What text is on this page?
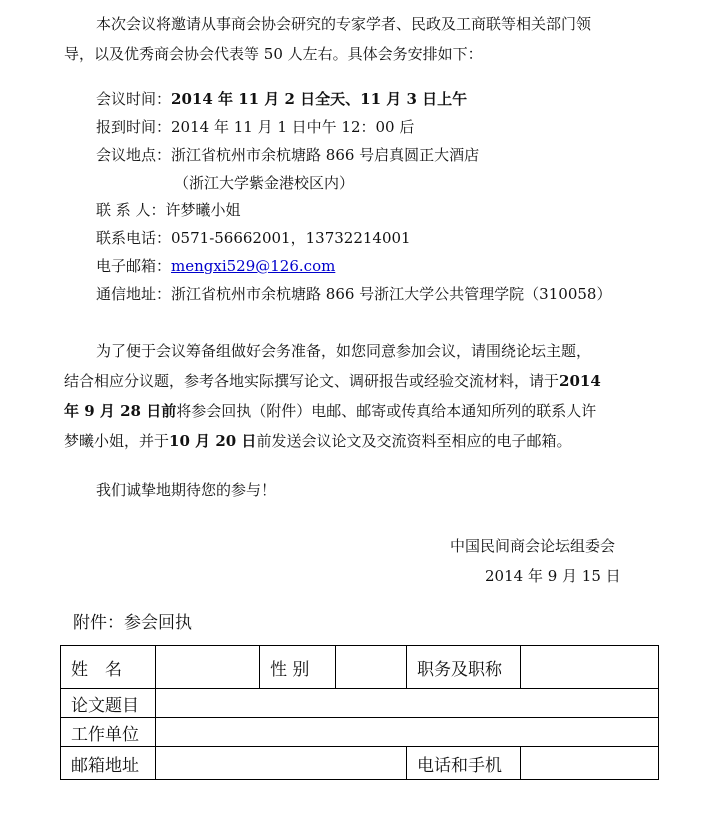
本次会议将邀请从事商会协会研究的专家学者、民政及工商联等相关部门领
导，以及优秀商会协会代表等 50 人左右。具体会务安排如下：
会议时间：2014 年 11 月 2 日全天、11 月 3 日上午
报到时间：2014 年 11 月 1 日中午 12：00 后
会议地点：浙江省杭州市余杭塘路 866 号启真圆正大酒店
（浙江大学紫金港校区内）
联 系 人：许梦曦小姐
联系电话：0571-56662001，13732214001
电子邮箱：mengxi529@126.com
通信地址：浙江省杭州市余杭塘路 866 号浙江大学公共管理学院（310058）
为了便于会议筹备组做好会务准备，如您同意参加会议，请围绕论坛主题，
结合相应分议题，参考各地实际撰写论文、调研报告或经验交流材料，请于2014
年 9 月 28 日前将参会回执（附件）电邮、邮寄或传真给本通知所列的联系人许
梦曦小姐，并于10 月 20 日前发送会议论文及交流资料至相应的电子邮箱。
我们诚挚地期待您的参与！
中国民间商会论坛组委会
2014 年 9 月 15 日
附件：参会回执
姓　名		性 别		职务及职称	
论文题目					
工作单位					
邮箱地址				电话和手机	
